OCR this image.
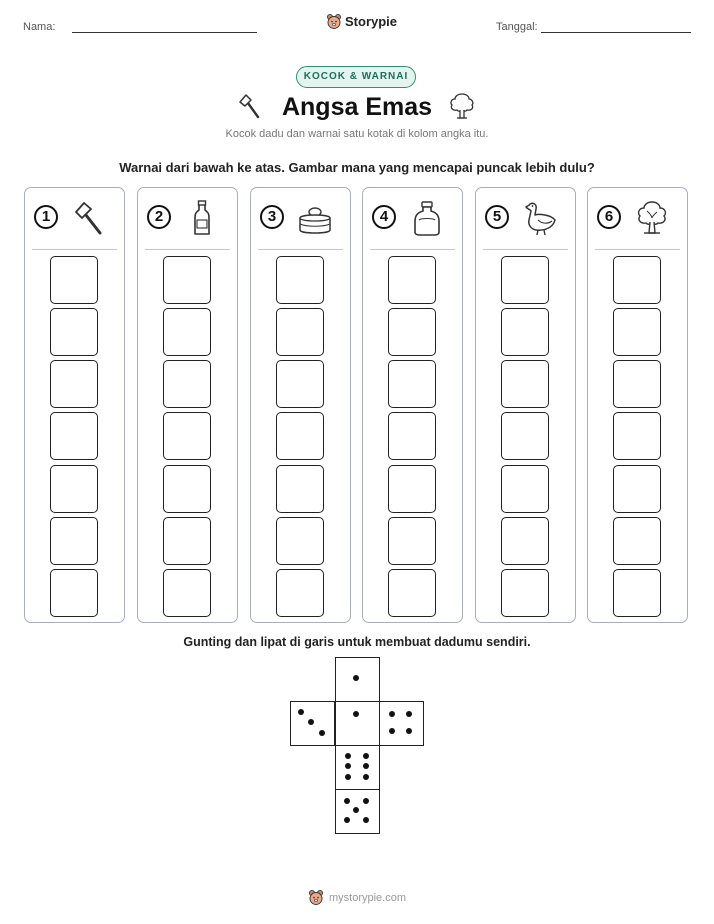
Nama:	Storypie	Tanggal:
KOCOK & WARNAI
Angsa Emas
Kocok dadu dan warnai satu kotak di kolom angka itu.
Warnai dari bawah ke atas. Gambar mana yang mencapai puncak lebih dulu?
1	2	3	4	5	6
Gunting dan lipat di garis untuk membuat dadumu sendiri.
mystorypie.com
